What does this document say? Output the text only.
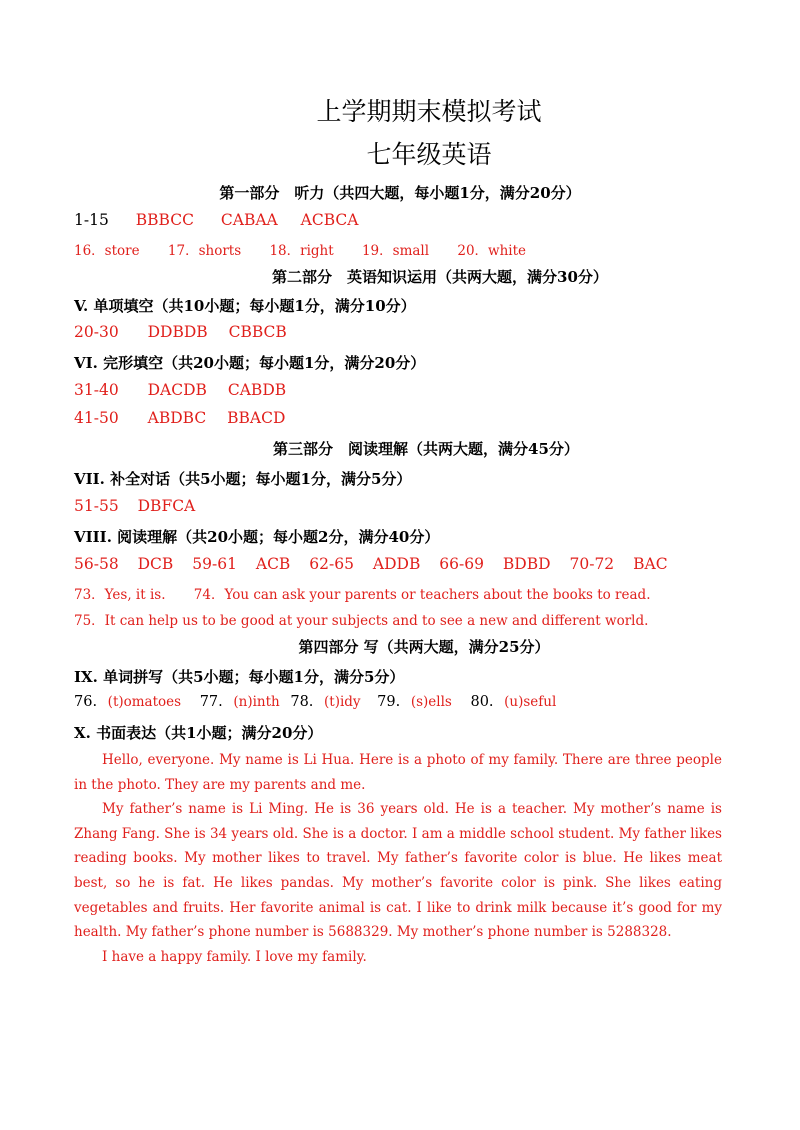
上学期期末模拟考试
七年级英语
第一部分　听力（共四大题，每小题1分，满分20分）
1-15 BBBCC CABAA ACBCA
16．store 17．shorts 18．right 19．small 20．white
第二部分　英语知识运用（共两大题，满分30分）
V. 单项填空（共10小题；每小题1分，满分10分）
20-30 DDBDB CBBCB
VI. 完形填空（共20小题；每小题1分，满分20分）
31-40 DACDB CABDB
41-50 ABDBC BBACD
第三部分　阅读理解（共两大题，满分45分）
VII. 补全对话（共5小题；每小题1分，满分5分）
51-55 DBFCA
VIII. 阅读理解（共20小题；每小题2分，满分40分）
56-58 DCB 59-61 ACB 62-65 ADDB 66-69 BDBD 70-72 BAC
73．Yes, it is. 74．You can ask your parents or teachers about the books to read.
75．It can help us to be good at your subjects and to see a new and different world.
第四部分 写（共两大题，满分25分）
IX. 单词拼写（共5小题；每小题1分，满分5分）
76. (t)omatoes 77. (n)inth 78. (t)idy 79. (s)ells 80. (u)seful
X. 书面表达（共1小题；满分20分）

Hello, everyone. My name is Li Hua. Here is a photo of my family. There are three people in the photo. They are my parents and me.

My father’s name is Li Ming. He is 36 years old. He is a teacher. My mother’s name is Zhang Fang. She is 34 years old. She is a doctor. I am a middle school student. My father likes reading books. My mother likes to travel. My father’s favorite color is blue. He likes meat best, so he is fat. He likes pandas. My mother’s favorite color is pink. She likes eating vegetables and fruits. Her favorite animal is cat. I like to drink milk because it’s good for my health. My father’s phone number is 5688329. My mother’s phone number is 5288328.

I have a happy family. I love my family.
